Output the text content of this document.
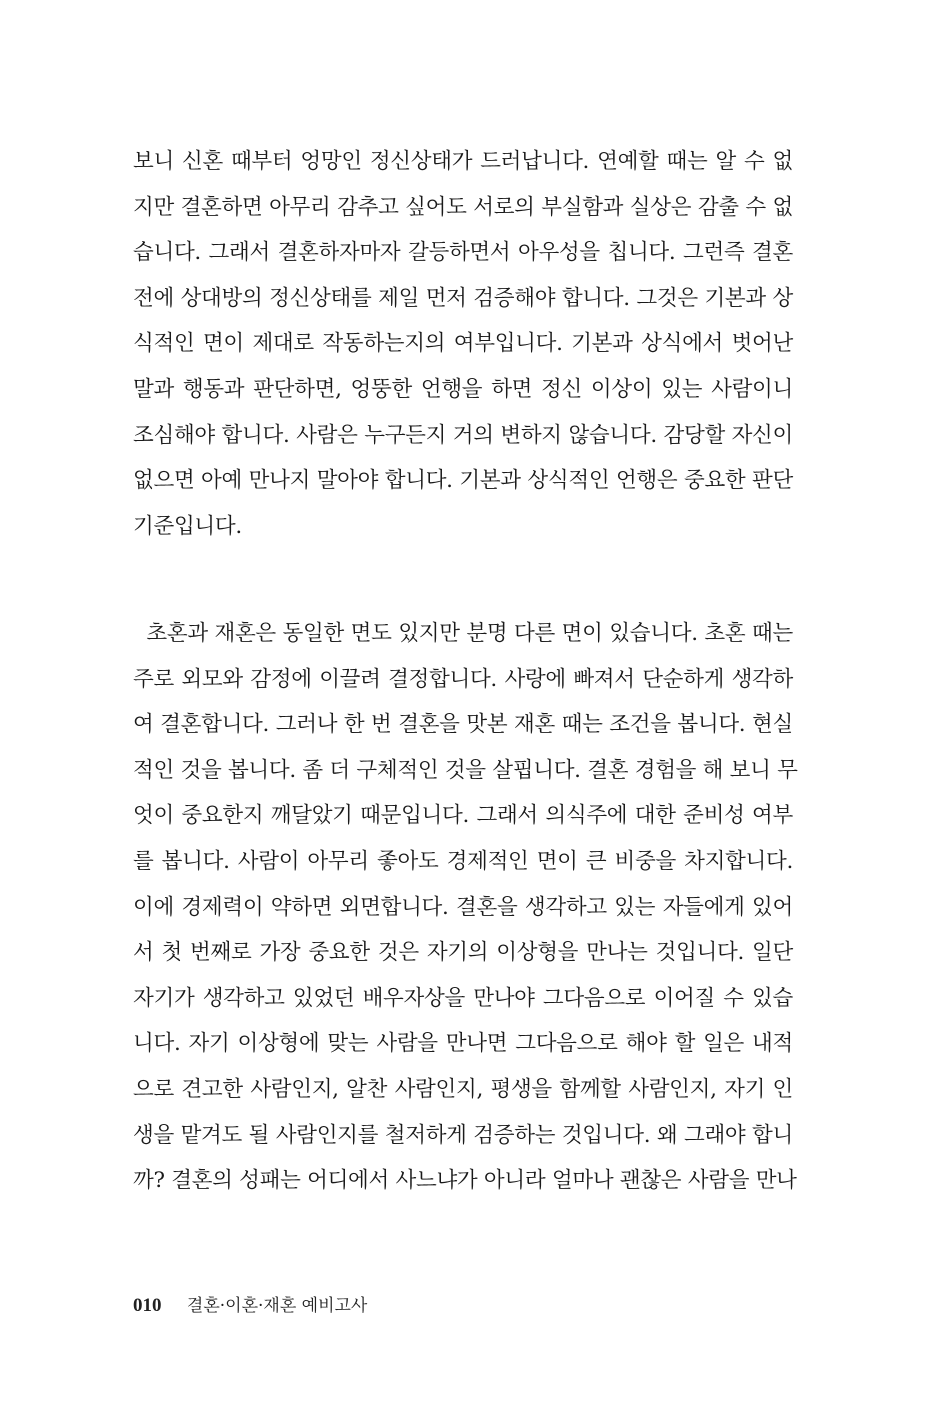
보니 신혼 때부터 엉망인 정신상태가 드러납니다. 연예할 때는 알 수 없
지만 결혼하면 아무리 감추고 싶어도 서로의 부실함과 실상은 감출 수 없
습니다. 그래서 결혼하자마자 갈등하면서 아우성을 칩니다. 그런즉 결혼
전에 상대방의 정신상태를 제일 먼저 검증해야 합니다. 그것은 기본과 상
식적인 면이 제대로 작동하는지의 여부입니다. 기본과 상식에서 벗어난
말과 행동과 판단하면, 엉뚱한 언행을 하면 정신 이상이 있는 사람이니
조심해야 합니다. 사람은 누구든지 거의 변하지 않습니다. 감당할 자신이
없으면 아예 만나지 말아야 합니다. 기본과 상식적인 언행은 중요한 판단
기준입니다.
초혼과 재혼은 동일한 면도 있지만 분명 다른 면이 있습니다. 초혼 때는
주로 외모와 감정에 이끌려 결정합니다. 사랑에 빠져서 단순하게 생각하
여 결혼합니다. 그러나 한 번 결혼을 맛본 재혼 때는 조건을 봅니다. 현실
적인 것을 봅니다. 좀 더 구체적인 것을 살핍니다. 결혼 경험을 해 보니 무
엇이 중요한지 깨달았기 때문입니다. 그래서 의식주에 대한 준비성 여부
를 봅니다. 사람이 아무리 좋아도 경제적인 면이 큰 비중을 차지합니다.
이에 경제력이 약하면 외면합니다. 결혼을 생각하고 있는 자들에게 있어
서 첫 번째로 가장 중요한 것은 자기의 이상형을 만나는 것입니다. 일단
자기가 생각하고 있었던 배우자상을 만나야 그다음으로 이어질 수 있습
니다. 자기 이상형에 맞는 사람을 만나면 그다음으로 해야 할 일은 내적
으로 견고한 사람인지, 알찬 사람인지, 평생을 함께할 사람인지, 자기 인
생을 맡겨도 될 사람인지를 철저하게 검증하는 것입니다. 왜 그래야 합니
까? 결혼의 성패는 어디에서 사느냐가 아니라 얼마나 괜찮은 사람을 만나
010 결혼·이혼·재혼 예비고사
